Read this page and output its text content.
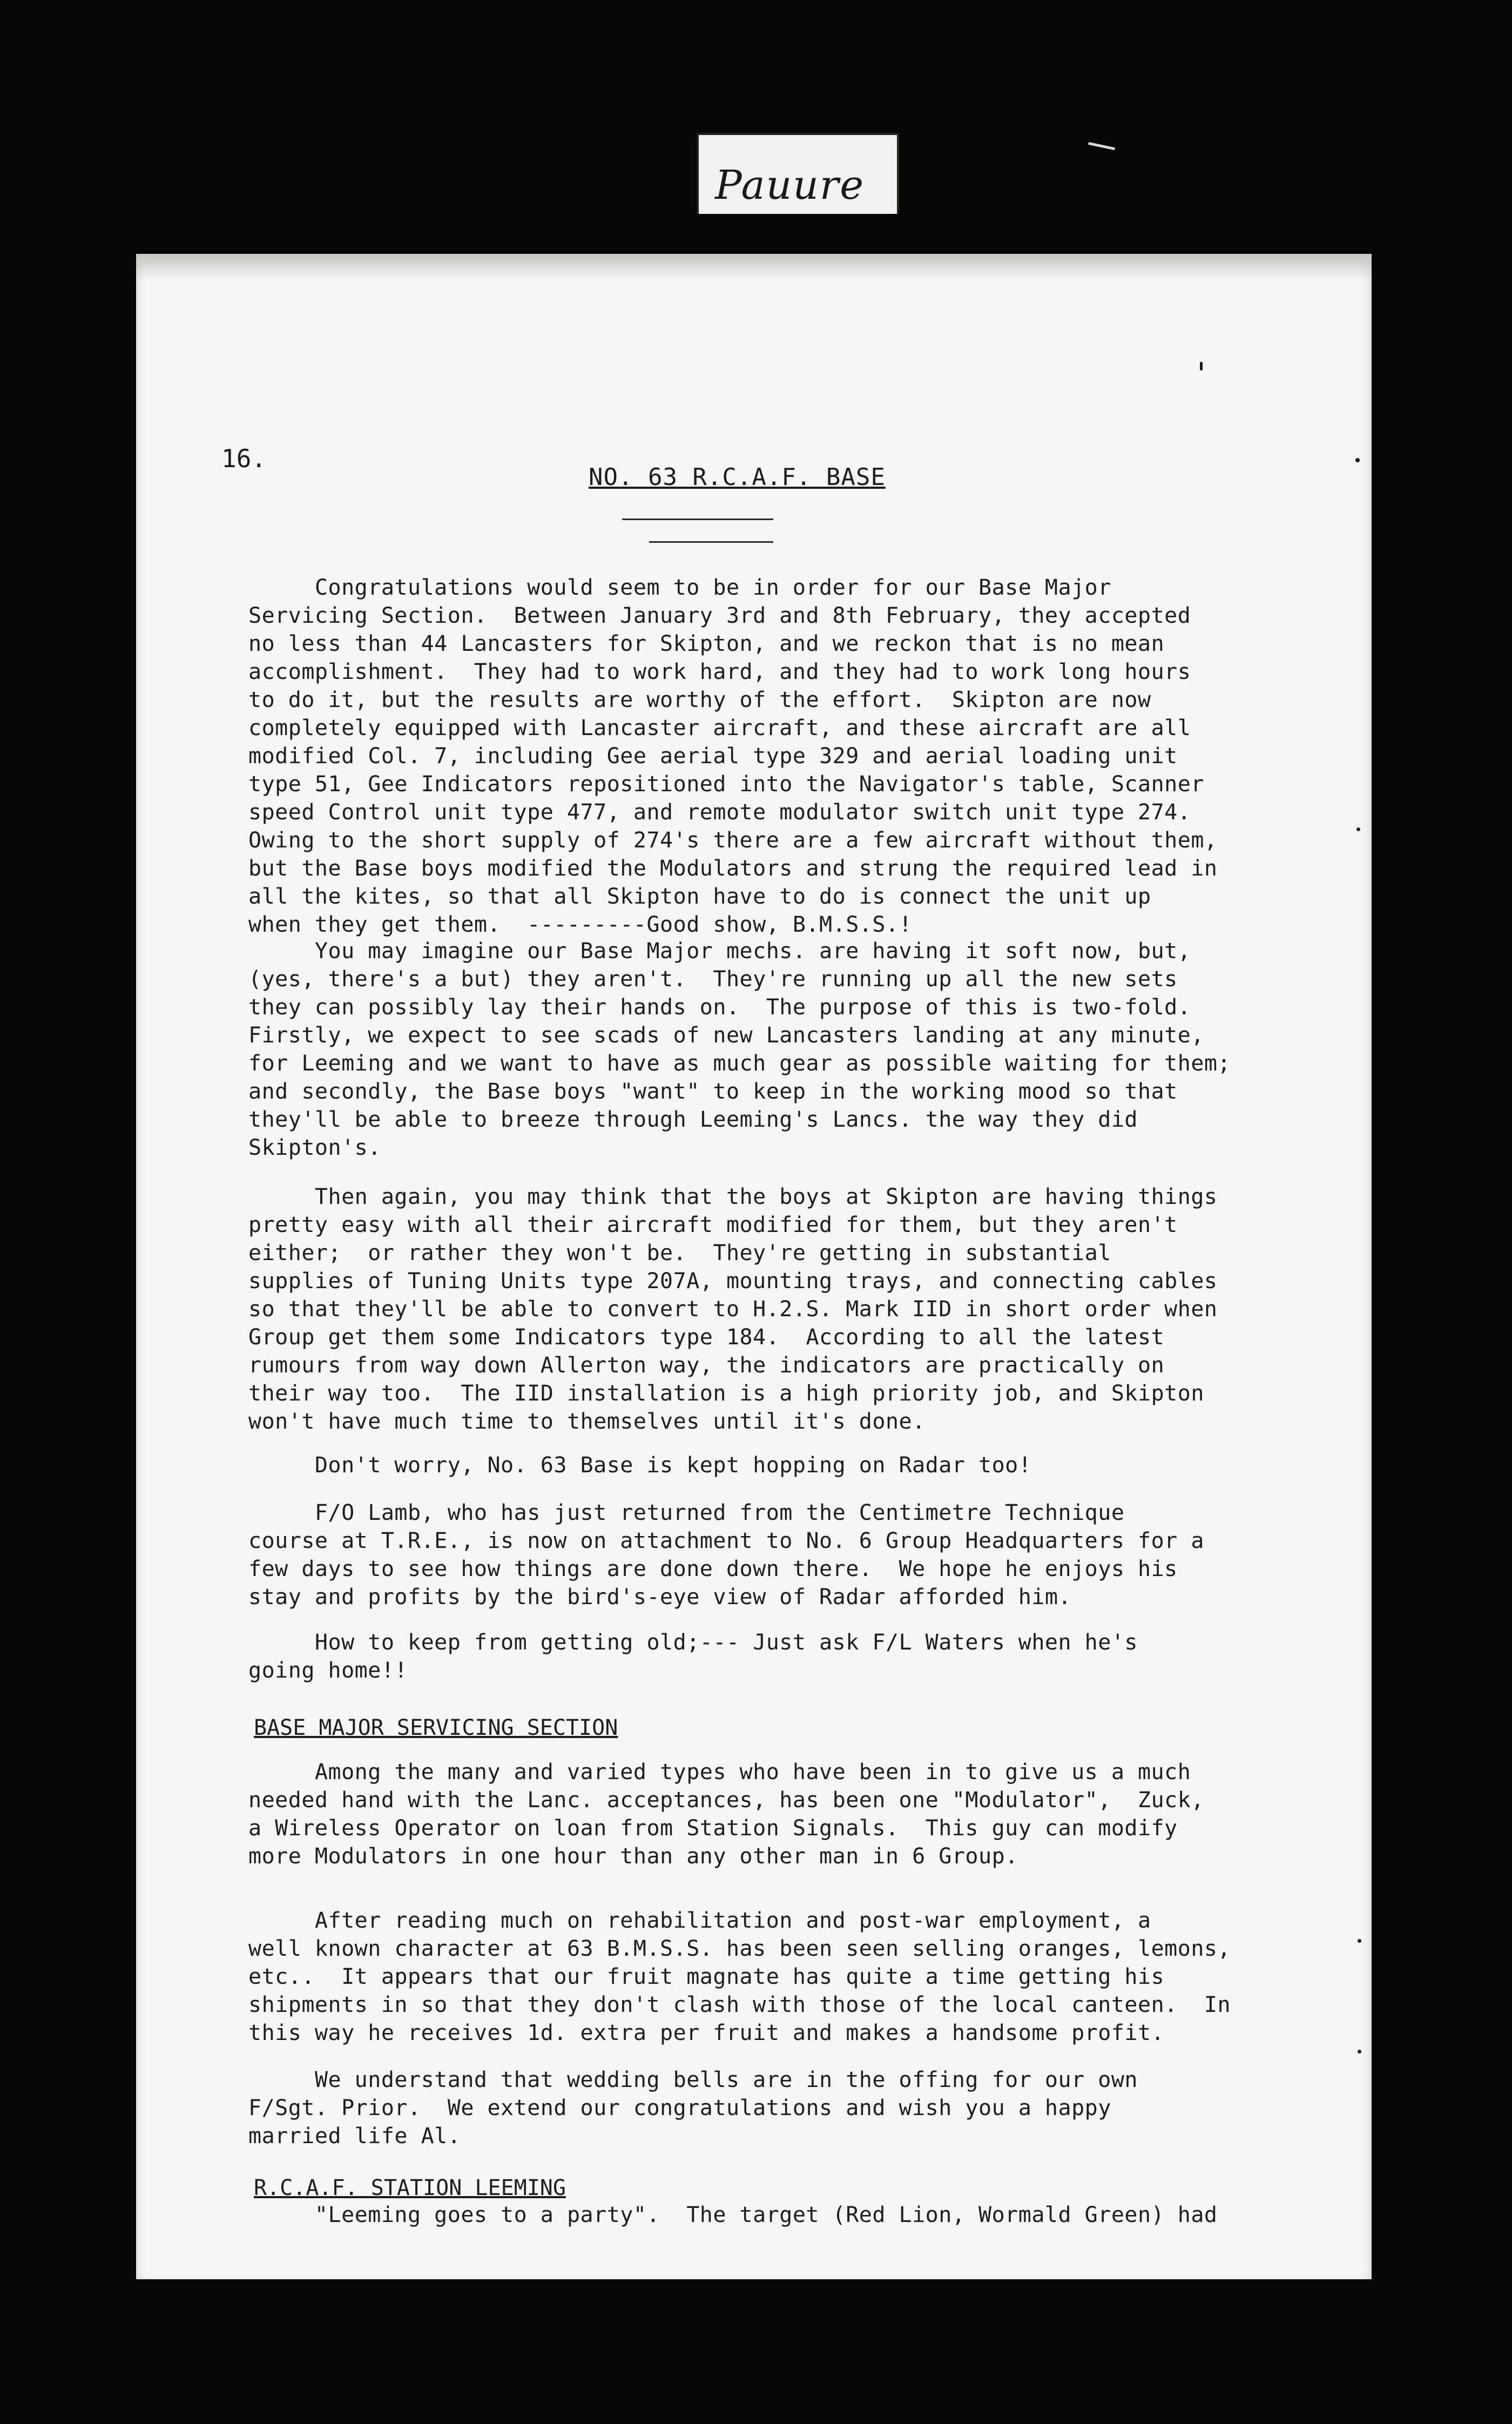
Pauure
16.
NO. 63 R.C.A.F. BASE
Congratulations would seem to be in order for our Base Major
Servicing Section.  Between January 3rd and 8th February, they accepted
no less than 44 Lancasters for Skipton, and we reckon that is no mean
accomplishment.  They had to work hard, and they had to work long hours
to do it, but the results are worthy of the effort.  Skipton are now
completely equipped with Lancaster aircraft, and these aircraft are all
modified Col. 7, including Gee aerial type 329 and aerial loading unit
type 51, Gee Indicators repositioned into the Navigator's table, Scanner
speed Control unit type 477, and remote modulator switch unit type 274.
Owing to the short supply of 274's there are a few aircraft without them,
but the Base boys modified the Modulators and strung the required lead in
all the kites, so that all Skipton have to do is connect the unit up
when they get them.  ---------Good show, B.M.S.S.!
You may imagine our Base Major mechs. are having it soft now, but,
(yes, there's a but) they aren't.  They're running up all the new sets
they can possibly lay their hands on.  The purpose of this is two-fold.
Firstly, we expect to see scads of new Lancasters landing at any minute,
for Leeming and we want to have as much gear as possible waiting for them;
and secondly, the Base boys "want" to keep in the working mood so that
they'll be able to breeze through Leeming's Lancs. the way they did
Skipton's.
Then again, you may think that the boys at Skipton are having things
pretty easy with all their aircraft modified for them, but they aren't
either;  or rather they won't be.  They're getting in substantial
supplies of Tuning Units type 207A, mounting trays, and connecting cables
so that they'll be able to convert to H.2.S. Mark IID in short order when
Group get them some Indicators type 184.  According to all the latest
rumours from way down Allerton way, the indicators are practically on
their way too.  The IID installation is a high priority job, and Skipton
won't have much time to themselves until it's done.
Don't worry, No. 63 Base is kept hopping on Radar too!
F/O Lamb, who has just returned from the Centimetre Technique
course at T.R.E., is now on attachment to No. 6 Group Headquarters for a
few days to see how things are done down there.  We hope he enjoys his
stay and profits by the bird's-eye view of Radar afforded him.
How to keep from getting old;--- Just ask F/L Waters when he's
going home!!
BASE MAJOR SERVICING SECTION
Among the many and varied types who have been in to give us a much
needed hand with the Lanc. acceptances, has been one "Modulator",  Zuck,
a Wireless Operator on loan from Station Signals.  This guy can modify
more Modulators in one hour than any other man in 6 Group.
After reading much on rehabilitation and post-war employment, a
well known character at 63 B.M.S.S. has been seen selling oranges, lemons,
etc..  It appears that our fruit magnate has quite a time getting his
shipments in so that they don't clash with those of the local canteen.  In
this way he receives 1d. extra per fruit and makes a handsome profit.
We understand that wedding bells are in the offing for our own
F/Sgt. Prior.  We extend our congratulations and wish you a happy
married life Al.
R.C.A.F. STATION LEEMING
"Leeming goes to a party".  The target (Red Lion, Wormald Green) had
